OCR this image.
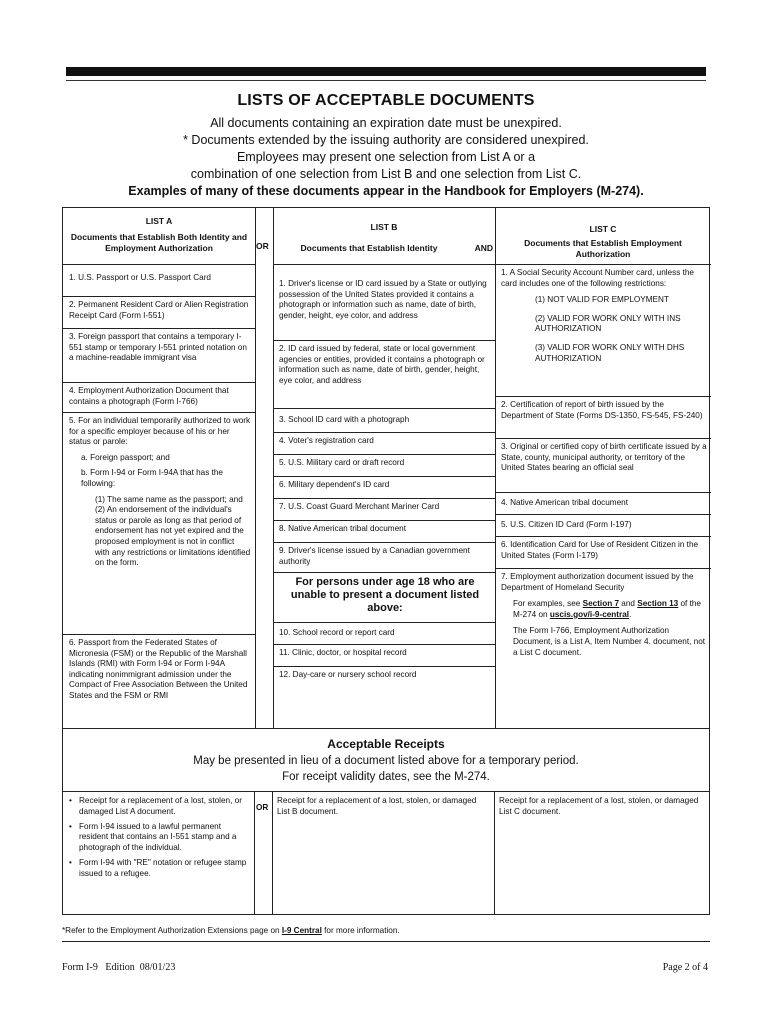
LISTS OF ACCEPTABLE DOCUMENTS
All documents containing an expiration date must be unexpired.
* Documents extended by the issuing authority are considered unexpired.
Employees may present one selection from List A or a
combination of one selection from List B and one selection from List C.
Examples of many of these documents appear in the Handbook for Employers (M-274).
LIST A
Documents that Establish Both Identity and Employment Authorization
1. U.S. Passport or U.S. Passport Card
2. Permanent Resident Card or Alien Registration Receipt Card (Form I-551)
3. Foreign passport that contains a temporary I-551 stamp or temporary I-551 printed notation on a machine-readable immigrant visa
4. Employment Authorization Document that contains a photograph (Form I-766)
5. For an individual temporarily authorized to work for a specific employer because of his or her status or parole:
a. Foreign passport; and
b. Form I-94 or Form I-94A that has the following:
(1) The same name as the passport; and
(2) An endorsement of the individual's status or parole as long as that period of endorsement has not yet expired and the proposed employment is not in conflict with any restrictions or limitations identified on the form.
6. Passport from the Federated States of Micronesia (FSM) or the Republic of the Marshall Islands (RMI) with Form I-94 or Form I-94A indicating nonimmigrant admission under the Compact of Free Association Between the United States and the FSM or RMI
OR
LIST B
Documents that Establish Identity	AND
1. Driver's license or ID card issued by a State or outlying possession of the United States provided it contains a photograph or information such as name, date of birth, gender, height, eye color, and address
2. ID card issued by federal, state or local government agencies or entities, provided it contains a photograph or information such as name, date of birth, gender, height, eye color, and address
3. School ID card with a photograph
4. Voter's registration card
5. U.S. Military card or draft record
6. Military dependent's ID card
7. U.S. Coast Guard Merchant Mariner Card
8. Native American tribal document
9. Driver's license issued by a Canadian government authority
For persons under age 18 who are unable to present a document listed above:
10. School record or report card
11. Clinic, doctor, or hospital record
12. Day-care or nursery school record
LIST C
Documents that Establish Employment Authorization
1. A Social Security Account Number card, unless the card includes one of the following restrictions:
(1) NOT VALID FOR EMPLOYMENT
(2) VALID FOR WORK ONLY WITH INS AUTHORIZATION
(3) VALID FOR WORK ONLY WITH DHS AUTHORIZATION
2. Certification of report of birth issued by the Department of State (Forms DS-1350, FS-545, FS-240)
3. Original or certified copy of birth certificate issued by a State, county, municipal authority, or territory of the United States bearing an official seal
4. Native American tribal document
5. U.S. Citizen ID Card (Form I-197)
6. Identification Card for Use of Resident Citizen in the United States (Form I-179)
7. Employment authorization document issued by the Department of Homeland Security
For examples, see Section 7 and Section 13 of the M-274 on uscis.gov/i-9-central.
The Form I-766, Employment Authorization Document, is a List A, Item Number 4. document, not a List C document.
Acceptable Receipts
May be presented in lieu of a document listed above for a temporary period.
For receipt validity dates, see the M-274.
• Receipt for a replacement of a lost, stolen, or damaged List A document.
• Form I-94 issued to a lawful permanent resident that contains an I-551 stamp and a photograph of the individual.
• Form I-94 with "RE" notation or refugee stamp issued to a refugee.
OR
Receipt for a replacement of a lost, stolen, or damaged List B document.
Receipt for a replacement of a lost, stolen, or damaged List C document.
*Refer to the Employment Authorization Extensions page on I-9 Central for more information.
Form I-9   Edition  08/01/23	Page 2 of 4
